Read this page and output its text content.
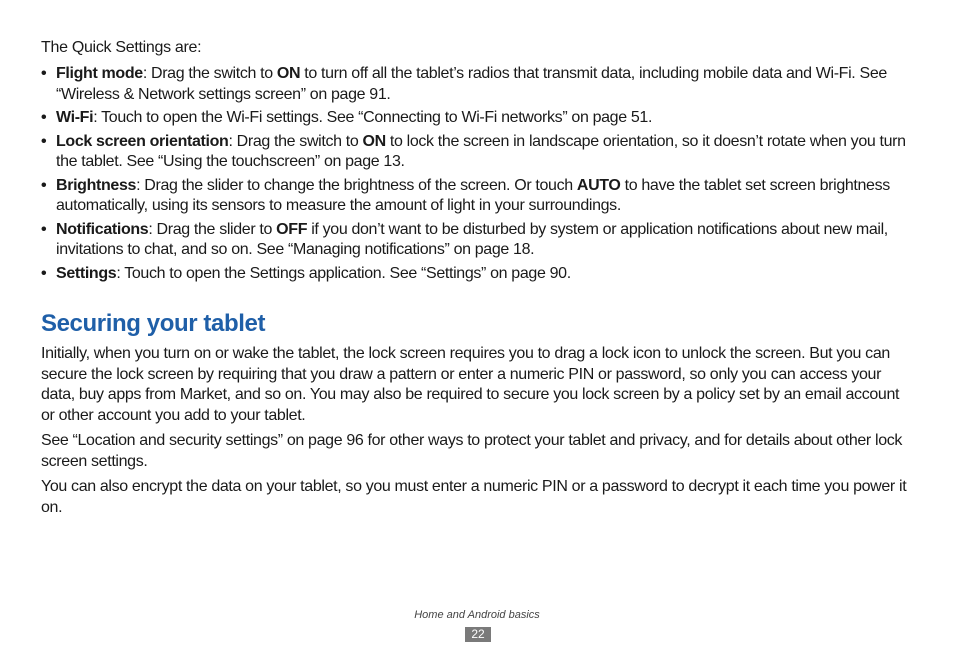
The Quick Settings are:

• Flight mode: Drag the switch to ON to turn off all the tablet’s radios that transmit data, including mobile data and Wi-Fi. See “Wireless & Network settings screen” on page 91.
• Wi-Fi: Touch to open the Wi-Fi settings. See “Connecting to Wi-Fi networks” on page 51.
• Lock screen orientation: Drag the switch to ON to lock the screen in landscape orientation, so it doesn’t rotate when you turn the tablet. See “Using the touchscreen” on page 13.
• Brightness: Drag the slider to change the brightness of the screen. Or touch AUTO to have the tablet set screen brightness automatically, using its sensors to measure the amount of light in your surroundings.
• Notifications: Drag the slider to OFF if you don’t want to be disturbed by system or application notifications about new mail, invitations to chat, and so on. See “Managing notifications” on page 18.
• Settings: Touch to open the Settings application. See “Settings” on page 90.
Securing your tablet

Initially, when you turn on or wake the tablet, the lock screen requires you to drag a lock icon to unlock the screen. But you can secure the lock screen by requiring that you draw a pattern or enter a numeric PIN or password, so only you can access your data, buy apps from Market, and so on. You may also be required to secure you lock screen by a policy set by an email account or other account you add to your tablet.

See “Location and security settings” on page 96 for other ways to protect your tablet and privacy, and for details about other lock screen settings.

You can also encrypt the data on your tablet, so you must enter a numeric PIN or a password to decrypt it each time you power it on.

Home and Android basics
22
